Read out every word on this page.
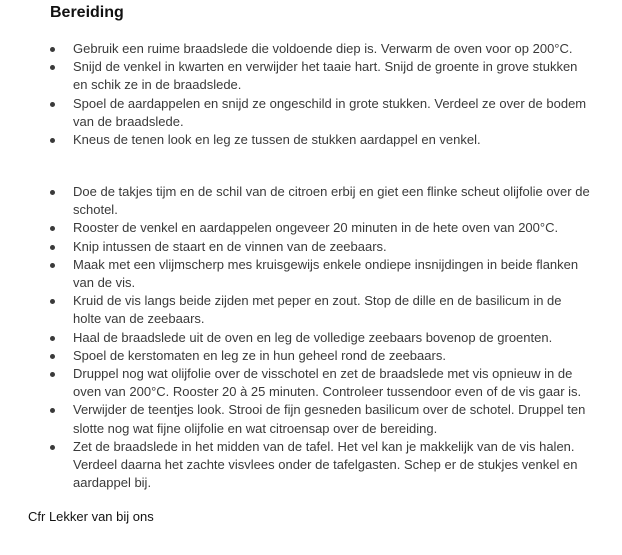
Bereiding
Gebruik een ruime braadslede die voldoende diep is. Verwarm de oven voor op 200°C.
Snijd de venkel in kwarten en verwijder het taaie hart. Snijd de groente in grove stukken en schik ze in de braadslede.
Spoel de aardappelen en snijd ze ongeschild in grote stukken. Verdeel ze over de bodem van de braadslede.
Kneus de tenen look en leg ze tussen de stukken aardappel en venkel.
Doe de takjes tijm en de schil van de citroen erbij en giet een flinke scheut olijfolie over de schotel.
Rooster de venkel en aardappelen ongeveer 20 minuten in de hete oven van 200°C.
Knip intussen de staart en de vinnen van de zeebaars.
Maak met een vlijmscherp mes kruisgewijs enkele ondiepe insnijdingen in beide flanken van de vis.
Kruid de vis langs beide zijden met peper en zout. Stop de dille en de basilicum in de holte van de zeebaars.
Haal de braadslede uit de oven en leg de volledige zeebaars bovenop de groenten.
Spoel de kerstomaten en leg ze in hun geheel rond de zeebaars.
Druppel nog wat olijfolie over de visschotel en zet de braadslede met vis opnieuw in de oven van 200°C. Rooster 20 à 25 minuten. Controleer tussendoor even of de vis gaar is.
Verwijder de teentjes look. Strooi de fijn gesneden basilicum over de schotel. Druppel ten slotte nog wat fijne olijfolie en wat citroensap over de bereiding.
Zet de braadslede in het midden van de tafel. Het vel kan je makkelijk van de vis halen. Verdeel daarna het zachte visvlees onder de tafelgasten. Schep er de stukjes venkel en aardappel bij.
Cfr Lekker van bij ons
